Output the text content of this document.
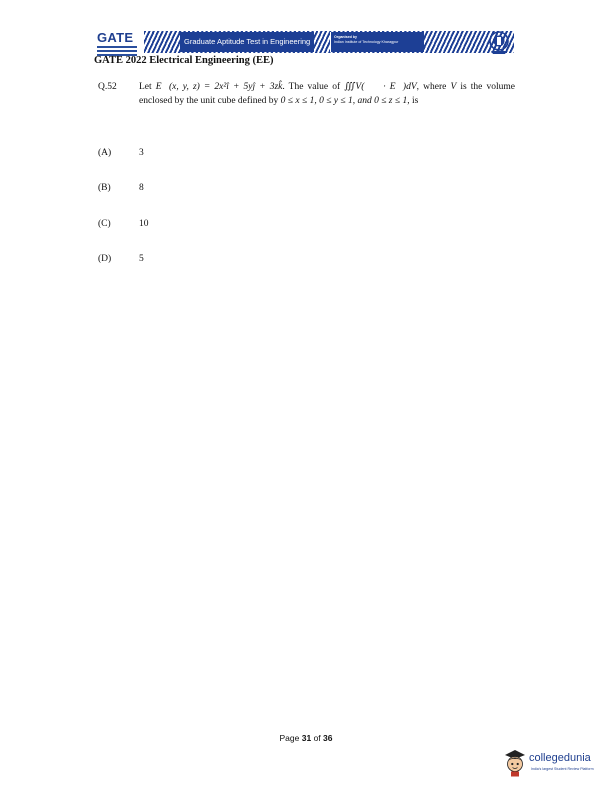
GATE	Graduate Aptitude Test in Engineering	Organised by
Indian Institute of Technology Kharagpur
GATE 2022 Electrical Engineering (EE)
Q.52 Let E⃗(x, y, z) = 2x²î + 5yĵ + 3zk̂. The value of ∭V(∇⃗ · E⃗)dV, where V is the volume enclosed by the unit cube defined by 0 ≤ x ≤ 1, 0 ≤ y ≤ 1, and 0 ≤ z ≤ 1, is
(A)	3
(B)	8
(C)	10
(D)	5
Page 31 of 36
collegedunia
India's largest Student Review Platform
